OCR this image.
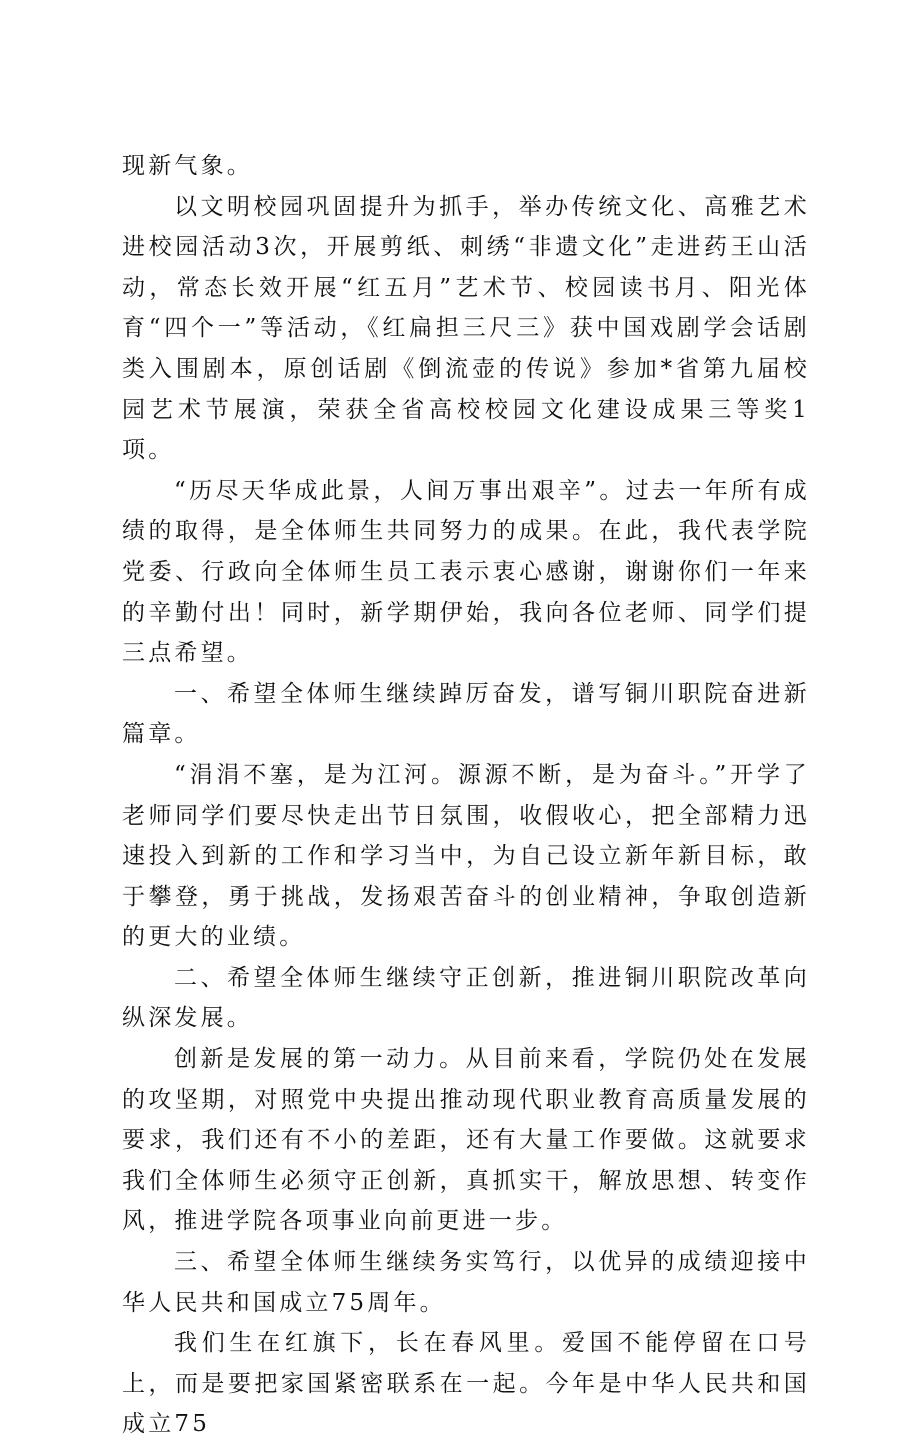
现新气象。

以文明校园巩固提升为抓手，举办传统文化、高雅艺术进校园活动3次，开展剪纸、刺绣“非遗文化”走进药王山活动，常态长效开展“红五月”艺术节、校园读书月、阳光体育“四个一”等活动，《红扁担三尺三》获中国戏剧学会话剧类入围剧本，原创话剧《倒流壶的传说》参加*省第九届校园艺术节展演，荣获全省高校校园文化建设成果三等奖1项。

“历尽天华成此景，人间万事出艰辛”。过去一年所有成绩的取得，是全体师生共同努力的成果。在此，我代表学院党委、行政向全体师生员工表示衷心感谢，谢谢你们一年来的辛勤付出！同时，新学期伊始，我向各位老师、同学们提三点希望。

一、希望全体师生继续踔厉奋发，谱写铜川职院奋进新篇章。

“涓涓不塞，是为江河。源源不断，是为奋斗。”开学了老师同学们要尽快走出节日氛围，收假收心，把全部精力迅速投入到新的工作和学习当中，为自己设立新年新目标，敢于攀登，勇于挑战，发扬艰苦奋斗的创业精神，争取创造新的更大的业绩。

二、希望全体师生继续守正创新，推进铜川职院改革向纵深发展。

创新是发展的第一动力。从目前来看，学院仍处在发展的攻坚期，对照党中央提出推动现代职业教育高质量发展的要求，我们还有不小的差距，还有大量工作要做。这就要求我们全体师生必须守正创新，真抓实干，解放思想、转变作风，推进学院各项事业向前更进一步。

三、希望全体师生继续务实笃行，以优异的成绩迎接中华人民共和国成立75周年。

我们生在红旗下，长在春风里。爱国不能停留在口号上，而是要把家国紧密联系在一起。今年是中华人民共和国成立75
